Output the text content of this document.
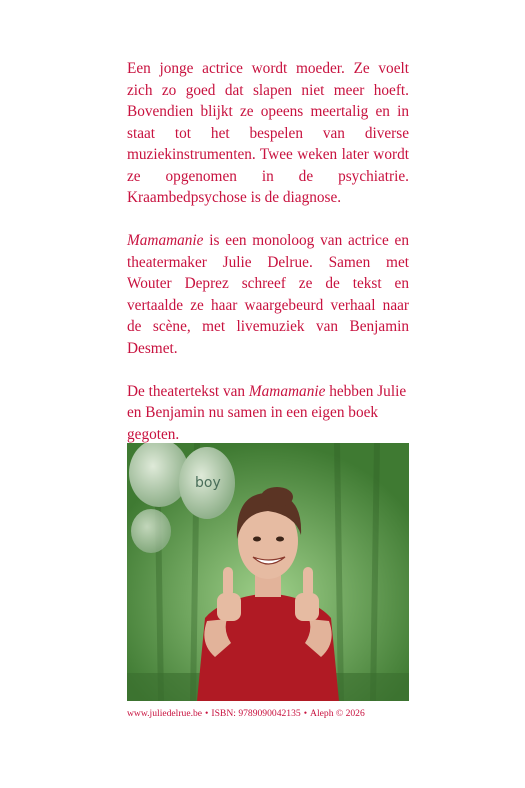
Een jonge actrice wordt moeder. Ze voelt zich zo goed dat slapen niet meer hoeft. Bovendien blijkt ze opeens meertalig en in staat tot het bespelen van diverse muziekinstrumenten. Twee weken later wordt ze opgenomen in de psychiatrie. Kraambedpsychose is de diagnose.

Mamamanie is een monoloog van actrice en theatermaker Julie Delrue. Samen met Wouter Deprez schreef ze de tekst en vertaalde ze haar waargebeurd verhaal naar de scène, met livemuziek van Benjamin Desmet.

De theatertekst van Mamamanie hebben Julie en Benjamin nu samen in een eigen boek gegoten.

boy
www.juliedelrue.be • ISBN: 9789090042135 • Aleph © 2026
